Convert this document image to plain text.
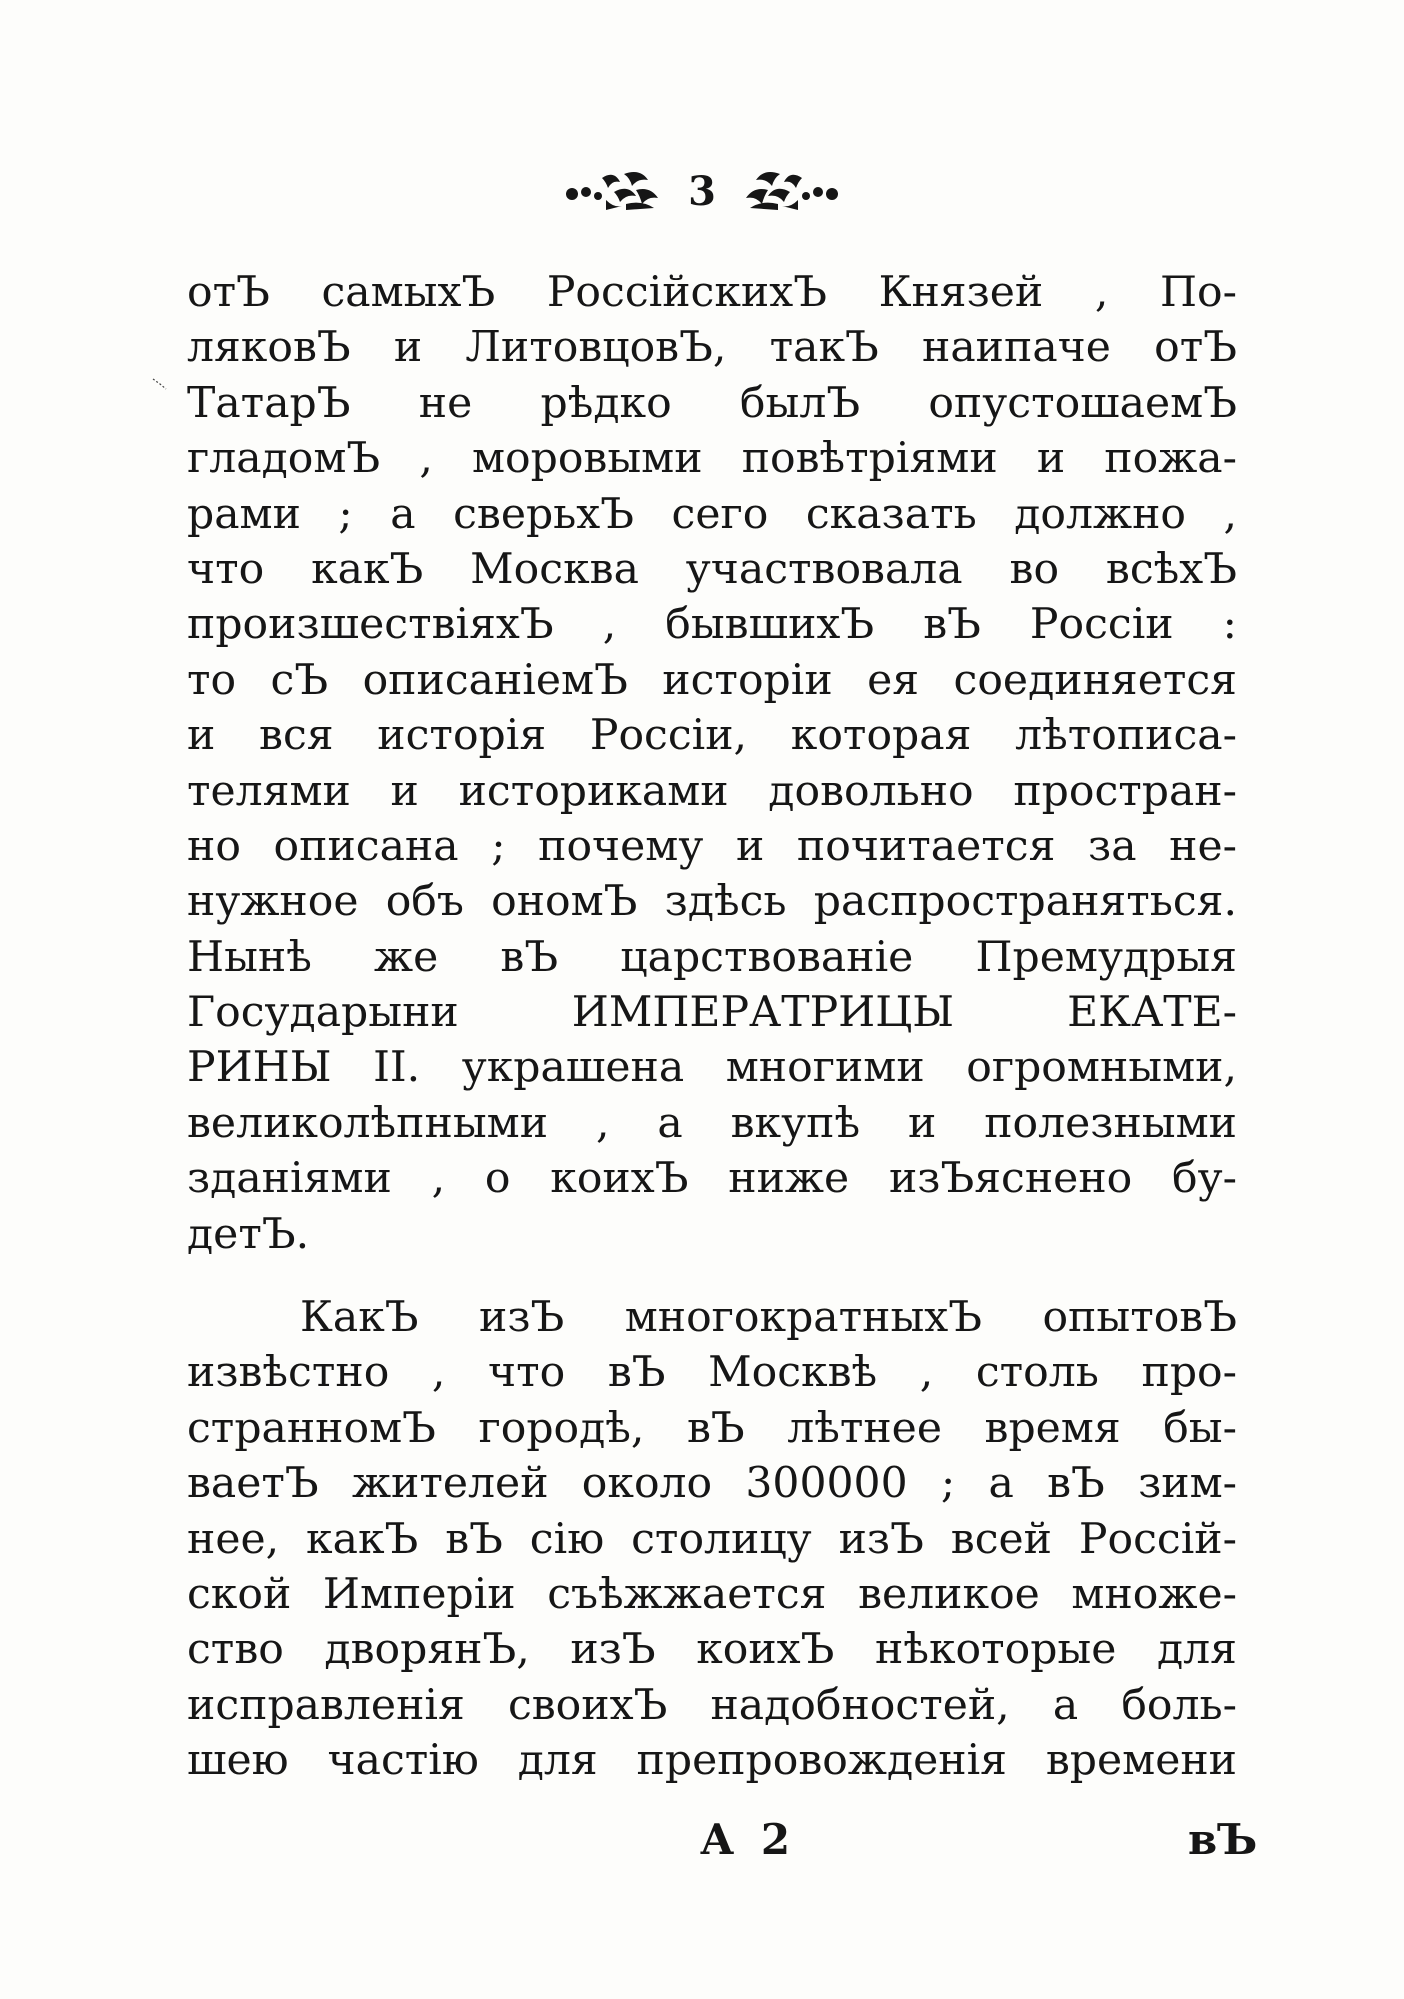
3
отЪ самыхЪ РоссійскихЪ Князей , По-
ляковЪ и ЛитовцовЪ, такЪ наипаче отЪ
ТатарЪ не рѣдко былЪ опустошаемЪ
гладомЪ , моровыми повѣтріями и пожа-
рами ; а сверьхЪ сего сказать должно ,
что какЪ Москва участвовала во всѣхЪ
произшествіяхЪ , бывшихЪ вЪ Россіи :
то сЪ описаніемЪ исторіи ея соединяется
и вся исторія Россіи, которая лѣтописа-
телями и историками довольно простран-
но описана ; почему и почитается за не-
нужное объ ономЪ здѣсь распространяться.
Нынѣ же вЪ царствованіе Премудрыя
Государыни ИМПЕРАТРИЦЫ ЕКАТЕ-
РИНЫ II. украшена многими огромными,
великолѣпными , а вкупѣ и полезными
зданіями , о коихЪ ниже изЪяснено бу-
детЪ.
КакЪ изЪ многократныхЪ опытовЪ
извѣстно , что вЪ Москвѣ , столь про-
странномЪ городѣ, вЪ лѣтнее время бы-
ваетЪ жителей около 300000 ; а вЪ зим-
нее, какЪ вЪ сію столицу изЪ всей Россій-
ской Имперіи съѣжжается великое множе-
ство дворянЪ, изЪ коихЪ нѣкоторые для
исправленія своихЪ надобностей, а боль-
шею частію для препровожденія времени
А 2	вЪ
